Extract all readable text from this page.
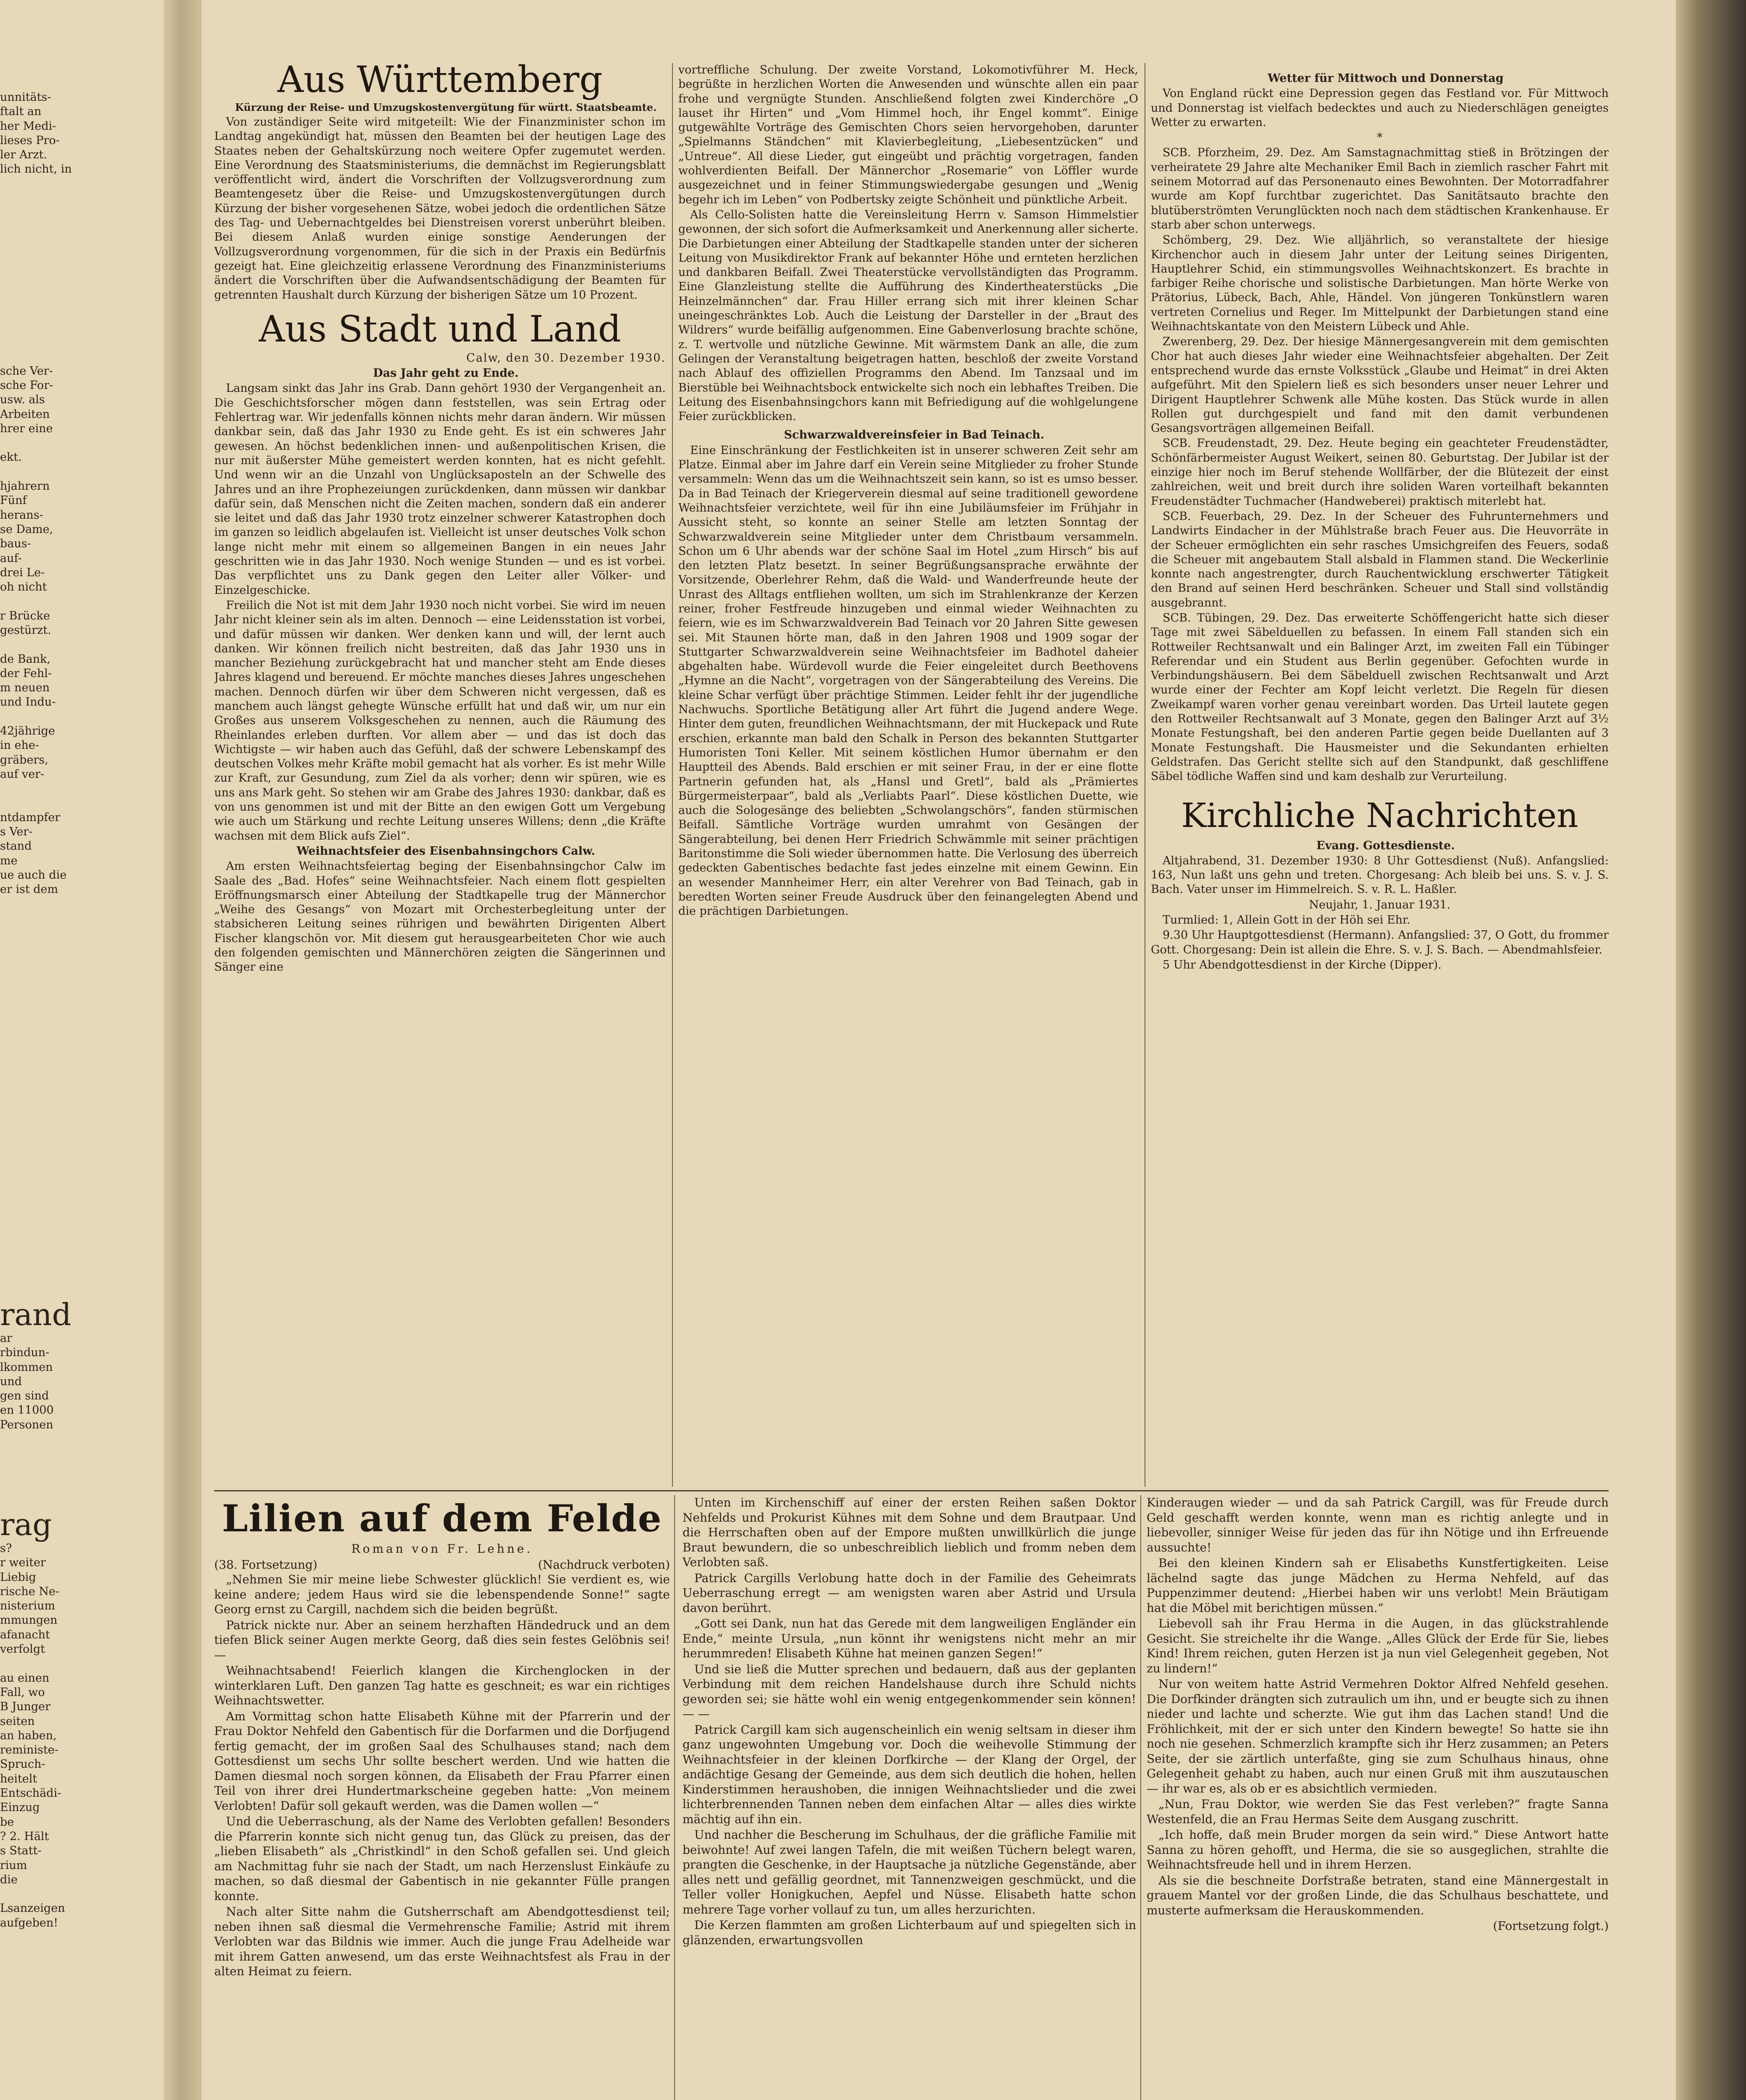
unnitäts-
ftalt an
her Medi-
lieses Pro-
ler Arzt.
lich nicht, in

sche Ver-
sche For-
usw. als
Arbeiten
hrer eine

ekt.

hjahrern
Fünf
herans-
se Dame,
baus-
auf-
drei Le-
oh nicht

r Brücke
gestürzt.

de Bank,
der Fehl-
m neuen
und Indu-

42jährige
in ehe-
gräbers,
auf ver-

ntdampfer
s Ver-
stand
me
ue auch die
er ist dem
rand
ar
rbindun-
lkommen
und
gen sind
en 11000
Personen
rag
s?
r weiter
Liebig
rische Ne-
nisterium
mmungen
afanacht
verfolgt

au einen
Fall, wo
B Junger
seiten
an haben,
reministe-
Spruch-
heitelt
Entschädi-
Einzug
be
? 2. Hält
s Statt-
rium
die

Lsanzeigen
aufgeben!
Aus Württemberg

Kürzung der Reise- und Umzugskostenvergütung für württ. Staatsbeamte.

Von zuständiger Seite wird mitgeteilt: Wie der Finanzminister schon im Landtag angekündigt hat, müssen den Beamten bei der heutigen Lage des Staates neben der Gehaltskürzung noch weitere Opfer zugemutet werden. Eine Verordnung des Staatsministeriums, die demnächst im Regierungsblatt veröffentlicht wird, ändert die Vorschriften der Vollzugsverordnung zum Beamtengesetz über die Reise- und Umzugskostenvergütungen durch Kürzung der bisher vorgesehenen Sätze, wobei jedoch die ordentlichen Sätze des Tag- und Uebernachtgeldes bei Dienstreisen vorerst unberührt bleiben. Bei diesem Anlaß wurden einige sonstige Aenderungen der Vollzugsverordnung vorgenommen, für die sich in der Praxis ein Bedürfnis gezeigt hat. Eine gleichzeitig erlassene Verordnung des Finanzministeriums ändert die Vorschriften über die Aufwandsentschädigung der Beamten für getrennten Haushalt durch Kürzung der bisherigen Sätze um 10 Prozent.

Aus Stadt und Land

Calw, den 30. Dezember 1930.

Das Jahr geht zu Ende.

Langsam sinkt das Jahr ins Grab. Dann gehört 1930 der Vergangenheit an. Die Geschichtsforscher mögen dann feststellen, was sein Ertrag oder Fehlertrag war. Wir jedenfalls können nichts mehr daran ändern. Wir müssen dankbar sein, daß das Jahr 1930 zu Ende geht. Es ist ein schweres Jahr gewesen. An höchst bedenklichen innen- und außenpolitischen Krisen, die nur mit äußerster Mühe gemeistert werden konnten, hat es nicht gefehlt. Und wenn wir an die Unzahl von Unglücksaposteln an der Schwelle des Jahres und an ihre Prophezeiungen zurückdenken, dann müssen wir dankbar dafür sein, daß Menschen nicht die Zeiten machen, sondern daß ein anderer sie leitet und daß das Jahr 1930 trotz einzelner schwerer Katastrophen doch im ganzen so leidlich abgelaufen ist. Vielleicht ist unser deutsches Volk schon lange nicht mehr mit einem so allgemeinen Bangen in ein neues Jahr geschritten wie in das Jahr 1930. Noch wenige Stunden — und es ist vorbei. Das verpflichtet uns zu Dank gegen den Leiter aller Völker- und Einzelgeschicke.

Freilich die Not ist mit dem Jahr 1930 noch nicht vorbei. Sie wird im neuen Jahr nicht kleiner sein als im alten. Dennoch — eine Leidensstation ist vorbei, und dafür müssen wir danken. Wer denken kann und will, der lernt auch danken. Wir können freilich nicht bestreiten, daß das Jahr 1930 uns in mancher Beziehung zurückgebracht hat und mancher steht am Ende dieses Jahres klagend und bereuend. Er möchte manches dieses Jahres ungeschehen machen. Dennoch dürfen wir über dem Schweren nicht vergessen, daß es manchem auch längst gehegte Wünsche erfüllt hat und daß wir, um nur ein Großes aus unserem Volksgeschehen zu nennen, auch die Räumung des Rheinlandes erleben durften. Vor allem aber — und das ist doch das Wichtigste — wir haben auch das Gefühl, daß der schwere Lebenskampf des deutschen Volkes mehr Kräfte mobil gemacht hat als vorher. Es ist mehr Wille zur Kraft, zur Gesundung, zum Ziel da als vorher; denn wir spüren, wie es uns ans Mark geht. So stehen wir am Grabe des Jahres 1930: dankbar, daß es von uns genommen ist und mit der Bitte an den ewigen Gott um Vergebung wie auch um Stärkung und rechte Leitung unseres Willens; denn „die Kräfte wachsen mit dem Blick aufs Ziel“.

Weihnachtsfeier des Eisenbahnsingchors Calw.

Am ersten Weihnachtsfeiertag beging der Eisenbahnsingchor Calw im Saale des „Bad. Hofes“ seine Weihnachtsfeier. Nach einem flott gespielten Eröffnungsmarsch einer Abteilung der Stadtkapelle trug der Männerchor „Weihe des Gesangs“ von Mozart mit Orchesterbegleitung unter der stabsicheren Leitung seines rührigen und bewährten Dirigenten Albert Fischer klangschön vor. Mit diesem gut herausgearbeiteten Chor wie auch den folgenden gemischten und Männerchören zeigten die Sängerinnen und Sänger eine

vortreffliche Schulung. Der zweite Vorstand, Lokomotivführer M. Heck, begrüßte in herzlichen Worten die Anwesenden und wünschte allen ein paar frohe und vergnügte Stunden. Anschließend folgten zwei Kinderchöre „O lauset ihr Hirten“ und „Vom Himmel hoch, ihr Engel kommt“. Einige gutgewählte Vorträge des Gemischten Chors seien hervorgehoben, darunter „Spielmanns Ständchen“ mit Klavierbegleitung, „Liebesentzücken“ und „Untreue“. All diese Lieder, gut eingeübt und prächtig vorgetragen, fanden wohlverdienten Beifall. Der Männerchor „Rosemarie“ von Löffler wurde ausgezeichnet und in feiner Stimmungswiedergabe gesungen und „Wenig begehr ich im Leben“ von Podbertsky zeigte Schönheit und pünktliche Arbeit.

Als Cello-Solisten hatte die Vereinsleitung Herrn v. Samson Himmelstier gewonnen, der sich sofort die Aufmerksamkeit und Anerkennung aller sicherte. Die Darbietungen einer Abteilung der Stadtkapelle standen unter der sicheren Leitung von Musikdirektor Frank auf bekannter Höhe und ernteten herzlichen und dankbaren Beifall. Zwei Theaterstücke vervollständigten das Programm. Eine Glanzleistung stellte die Aufführung des Kindertheaterstücks „Die Heinzelmännchen“ dar. Frau Hiller errang sich mit ihrer kleinen Schar uneingeschränktes Lob. Auch die Leistung der Darsteller in der „Braut des Wildrers“ wurde beifällig aufgenommen. Eine Gabenverlosung brachte schöne, z. T. wertvolle und nützliche Gewinne. Mit wärmstem Dank an alle, die zum Gelingen der Veranstaltung beigetragen hatten, beschloß der zweite Vorstand nach Ablauf des offiziellen Programms den Abend. Im Tanzsaal und im Bierstüble bei Weihnachtsbock entwickelte sich noch ein lebhaftes Treiben. Die Leitung des Eisenbahnsingchors kann mit Befriedigung auf die wohlgelungene Feier zurückblicken.

Schwarzwaldvereinsfeier in Bad Teinach.

Eine Einschränkung der Festlichkeiten ist in unserer schweren Zeit sehr am Platze. Einmal aber im Jahre darf ein Verein seine Mitglieder zu froher Stunde versammeln: Wenn das um die Weihnachtszeit sein kann, so ist es umso besser. Da in Bad Teinach der Kriegerverein diesmal auf seine traditionell gewordene Weihnachtsfeier verzichtete, weil für ihn eine Jubiläumsfeier im Frühjahr in Aussicht steht, so konnte an seiner Stelle am letzten Sonntag der Schwarzwaldverein seine Mitglieder unter dem Christbaum versammeln. Schon um 6 Uhr abends war der schöne Saal im Hotel „zum Hirsch“ bis auf den letzten Platz besetzt. In seiner Begrüßungsansprache erwähnte der Vorsitzende, Oberlehrer Rehm, daß die Wald- und Wanderfreunde heute der Unrast des Alltags entfliehen wollten, um sich im Strahlenkranze der Kerzen reiner, froher Festfreude hinzugeben und einmal wieder Weihnachten zu feiern, wie es im Schwarzwaldverein Bad Teinach vor 20 Jahren Sitte gewesen sei. Mit Staunen hörte man, daß in den Jahren 1908 und 1909 sogar der Stuttgarter Schwarzwaldverein seine Weihnachtsfeier im Badhotel daheier abgehalten habe. Würdevoll wurde die Feier eingeleitet durch Beethovens „Hymne an die Nacht“, vorgetragen von der Sängerabteilung des Vereins. Die kleine Schar verfügt über prächtige Stimmen. Leider fehlt ihr der jugendliche Nachwuchs. Sportliche Betätigung aller Art führt die Jugend andere Wege. Hinter dem guten, freundlichen Weihnachtsmann, der mit Huckepack und Rute erschien, erkannte man bald den Schalk in Person des bekannten Stuttgarter Humoristen Toni Keller. Mit seinem köstlichen Humor übernahm er den Hauptteil des Abends. Bald erschien er mit seiner Frau, in der er eine flotte Partnerin gefunden hat, als „Hansl und Gretl“, bald als „Prämiertes Bürgermeisterpaar“, bald als „Verliabts Paarl“. Diese köstlichen Duette, wie auch die Sologesänge des beliebten „Schwolangschörs“, fanden stürmischen Beifall. Sämtliche Vorträge wurden umrahmt von Gesängen der Sängerabteilung, bei denen Herr Friedrich Schwämmle mit seiner prächtigen Baritonstimme die Soli wieder übernommen hatte. Die Verlosung des überreich gedeckten Gabentisches bedachte fast jedes einzelne mit einem Gewinn. Ein an wesender Mannheimer Herr, ein alter Verehrer von Bad Teinach, gab in beredten Worten seiner Freude Ausdruck über den feinangelegten Abend und die prächtigen Darbietungen.

Wetter für Mittwoch und Donnerstag

Von England rückt eine Depression gegen das Festland vor. Für Mittwoch und Donnerstag ist vielfach bedecktes und auch zu Niederschlägen geneigtes Wetter zu erwarten.

*

SCB. Pforzheim, 29. Dez. Am Samstagnachmittag stieß in Brötzingen der verheiratete 29 Jahre alte Mechaniker Emil Bach in ziemlich rascher Fahrt mit seinem Motorrad auf das Personenauto eines Bewohnten. Der Motorradfahrer wurde am Kopf furchtbar zugerichtet. Das Sanitätsauto brachte den blutüberströmten Verunglückten noch nach dem städtischen Krankenhause. Er starb aber schon unterwegs.

Schömberg, 29. Dez. Wie alljährlich, so veranstaltete der hiesige Kirchenchor auch in diesem Jahr unter der Leitung seines Dirigenten, Hauptlehrer Schid, ein stimmungsvolles Weihnachtskonzert. Es brachte in farbiger Reihe chorische und solistische Darbietungen. Man hörte Werke von Prätorius, Lübeck, Bach, Ahle, Händel. Von jüngeren Tonkünstlern waren vertreten Cornelius und Reger. Im Mittelpunkt der Darbietungen stand eine Weihnachtskantate von den Meistern Lübeck und Ahle.

Zwerenberg, 29. Dez. Der hiesige Männergesangverein mit dem gemischten Chor hat auch dieses Jahr wieder eine Weihnachtsfeier abgehalten. Der Zeit entsprechend wurde das ernste Volksstück „Glaube und Heimat“ in drei Akten aufgeführt. Mit den Spielern ließ es sich besonders unser neuer Lehrer und Dirigent Hauptlehrer Schwenk alle Mühe kosten. Das Stück wurde in allen Rollen gut durchgespielt und fand mit den damit verbundenen Gesangsvorträgen allgemeinen Beifall.

SCB. Freudenstadt, 29. Dez. Heute beging ein geachteter Freudenstädter, Schönfärbermeister August Weikert, seinen 80. Geburtstag. Der Jubilar ist der einzige hier noch im Beruf stehende Wollfärber, der die Blütezeit der einst zahlreichen, weit und breit durch ihre soliden Waren vorteilhaft bekannten Freudenstädter Tuchmacher (Handweberei) praktisch miterlebt hat.

SCB. Feuerbach, 29. Dez. In der Scheuer des Fuhrunternehmers und Landwirts Eindacher in der Mühlstraße brach Feuer aus. Die Heuvorräte in der Scheuer ermöglichten ein sehr rasches Umsichgreifen des Feuers, sodaß die Scheuer mit angebautem Stall alsbald in Flammen stand. Die Weckerlinie konnte nach angestrengter, durch Rauchentwicklung erschwerter Tätigkeit den Brand auf seinen Herd beschränken. Scheuer und Stall sind vollständig ausgebrannt.

SCB. Tübingen, 29. Dez. Das erweiterte Schöffengericht hatte sich dieser Tage mit zwei Säbelduellen zu befassen. In einem Fall standen sich ein Rottweiler Rechtsanwalt und ein Balinger Arzt, im zweiten Fall ein Tübinger Referendar und ein Student aus Berlin gegenüber. Gefochten wurde in Verbindungshäusern. Bei dem Säbelduell zwischen Rechtsanwalt und Arzt wurde einer der Fechter am Kopf leicht verletzt. Die Regeln für diesen Zweikampf waren vorher genau vereinbart worden. Das Urteil lautete gegen den Rottweiler Rechtsanwalt auf 3 Monate, gegen den Balinger Arzt auf 3½ Monate Festungshaft, bei den anderen Partie gegen beide Duellanten auf 3 Monate Festungshaft. Die Hausmeister und die Sekundanten erhielten Geldstrafen. Das Gericht stellte sich auf den Standpunkt, daß geschliffene Säbel tödliche Waffen sind und kam deshalb zur Verurteilung.

Kirchliche Nachrichten

Evang. Gottesdienste.

Altjahrabend, 31. Dezember 1930: 8 Uhr Gottesdienst (Nuß). Anfangslied: 163, Nun laßt uns gehn und treten. Chorgesang: Ach bleib bei uns. S. v. J. S. Bach. Vater unser im Himmelreich. S. v. R. L. Haßler.

Neujahr, 1. Januar 1931.

Turmlied: 1, Allein Gott in der Höh sei Ehr.

9.30 Uhr Hauptgottesdienst (Hermann). Anfangslied: 37, O Gott, du frommer Gott. Chorgesang: Dein ist allein die Ehre. S. v. J. S. Bach. — Abendmahlsfeier.

5 Uhr Abendgottesdienst in der Kirche (Dipper).

Lilien auf dem Felde

Roman von Fr. Lehne.

(38. Fortsetzung)	(Nachdruck verboten)

„Nehmen Sie mir meine liebe Schwester glücklich! Sie verdient es, wie keine andere; jedem Haus wird sie die lebenspendende Sonne!“ sagte Georg ernst zu Cargill, nachdem sich die beiden begrüßt.

Patrick nickte nur. Aber an seinem herzhaften Händedruck und an dem tiefen Blick seiner Augen merkte Georg, daß dies sein festes Gelöbnis sei! —

Weihnachtsabend! Feierlich klangen die Kirchenglocken in der winterklaren Luft. Den ganzen Tag hatte es geschneit; es war ein richtiges Weihnachtswetter.

Am Vormittag schon hatte Elisabeth Kühne mit der Pfarrerin und der Frau Doktor Nehfeld den Gabentisch für die Dorfarmen und die Dorfjugend fertig gemacht, der im großen Saal des Schulhauses stand; nach dem Gottesdienst um sechs Uhr sollte beschert werden. Und wie hatten die Damen diesmal noch sorgen können, da Elisabeth der Frau Pfarrer einen Teil von ihrer drei Hundertmarkscheine gegeben hatte: „Von meinem Verlobten! Dafür soll gekauft werden, was die Damen wollen —“

Und die Ueberraschung, als der Name des Verlobten gefallen! Besonders die Pfarrerin konnte sich nicht genug tun, das Glück zu preisen, das der „lieben Elisabeth“ als „Christkindl“ in den Schoß gefallen sei. Und gleich am Nachmittag fuhr sie nach der Stadt, um nach Herzenslust Einkäufe zu machen, so daß diesmal der Gabentisch in nie gekannter Fülle prangen konnte.

Nach alter Sitte nahm die Gutsherrschaft am Abendgottesdienst teil; neben ihnen saß diesmal die Vermehrensche Familie; Astrid mit ihrem Verlobten war das Bildnis wie immer. Auch die junge Frau Adelheide war mit ihrem Gatten anwesend, um das erste Weihnachtsfest als Frau in der alten Heimat zu feiern.

Unten im Kirchenschiff auf einer der ersten Reihen saßen Doktor Nehfelds und Prokurist Kühnes mit dem Sohne und dem Brautpaar. Und die Herrschaften oben auf der Empore mußten unwillkürlich die junge Braut bewundern, die so unbeschreiblich lieblich und fromm neben dem Verlobten saß.

Patrick Cargills Verlobung hatte doch in der Familie des Geheimrats Ueberraschung erregt — am wenigsten waren aber Astrid und Ursula davon berührt.

„Gott sei Dank, nun hat das Gerede mit dem langweiligen Engländer ein Ende,“ meinte Ursula, „nun könnt ihr wenigstens nicht mehr an mir herummreden! Elisabeth Kühne hat meinen ganzen Segen!“

Und sie ließ die Mutter sprechen und bedauern, daß aus der geplanten Verbindung mit dem reichen Handelshause durch ihre Schuld nichts geworden sei; sie hätte wohl ein wenig entgegenkommender sein können! — —

Patrick Cargill kam sich augenscheinlich ein wenig seltsam in dieser ihm ganz ungewohnten Umgebung vor. Doch die weihevolle Stimmung der Weihnachtsfeier in der kleinen Dorfkirche — der Klang der Orgel, der andächtige Gesang der Gemeinde, aus dem sich deutlich die hohen, hellen Kinderstimmen heraushoben, die innigen Weihnachtslieder und die zwei lichterbrennenden Tannen neben dem einfachen Altar — alles dies wirkte mächtig auf ihn ein.

Und nachher die Bescherung im Schulhaus, der die gräfliche Familie mit beiwohnte! Auf zwei langen Tafeln, die mit weißen Tüchern belegt waren, prangten die Geschenke, in der Hauptsache ja nützliche Gegenstände, aber alles nett und gefällig geordnet, mit Tannenzweigen geschmückt, und die Teller voller Honigkuchen, Aepfel und Nüsse. Elisabeth hatte schon mehrere Tage vorher vollauf zu tun, um alles herzurichten.

Die Kerzen flammten am großen Lichterbaum auf und spiegelten sich in glänzenden, erwartungsvollen

Kinderaugen wieder — und da sah Patrick Cargill, was für Freude durch Geld geschafft werden konnte, wenn man es richtig anlegte und in liebevoller, sinniger Weise für jeden das für ihn Nötige und ihn Erfreuende aussuchte!

Bei den kleinen Kindern sah er Elisabeths Kunstfertigkeiten. Leise lächelnd sagte das junge Mädchen zu Herma Nehfeld, auf das Puppenzimmer deutend: „Hierbei haben wir uns verlobt! Mein Bräutigam hat die Möbel mit berichtigen müssen.“

Liebevoll sah ihr Frau Herma in die Augen, in das glückstrahlende Gesicht. Sie streichelte ihr die Wange. „Alles Glück der Erde für Sie, liebes Kind! Ihrem reichen, guten Herzen ist ja nun viel Gelegenheit gegeben, Not zu lindern!“

Nur von weitem hatte Astrid Vermehren Doktor Alfred Nehfeld gesehen. Die Dorfkinder drängten sich zutraulich um ihn, und er beugte sich zu ihnen nieder und lachte und scherzte. Wie gut ihm das Lachen stand! Und die Fröhlichkeit, mit der er sich unter den Kindern bewegte! So hatte sie ihn noch nie gesehen. Schmerzlich krampfte sich ihr Herz zusammen; an Peters Seite, der sie zärtlich unterfaßte, ging sie zum Schulhaus hinaus, ohne Gelegenheit gehabt zu haben, auch nur einen Gruß mit ihm auszutauschen — ihr war es, als ob er es absichtlich vermieden.

„Nun, Frau Doktor, wie werden Sie das Fest verleben?“ fragte Sanna Westenfeld, die an Frau Hermas Seite dem Ausgang zuschritt.

„Ich hoffe, daß mein Bruder morgen da sein wird.“ Diese Antwort hatte Sanna zu hören gehofft, und Herma, die sie so ausgeglichen, strahlte die Weihnachtsfreude hell und in ihrem Herzen.

Als sie die beschneite Dorfstraße betraten, stand eine Männergestalt in grauem Mantel vor der großen Linde, die das Schulhaus beschattete, und musterte aufmerksam die Herauskommenden.

(Fortsetzung folgt.)
